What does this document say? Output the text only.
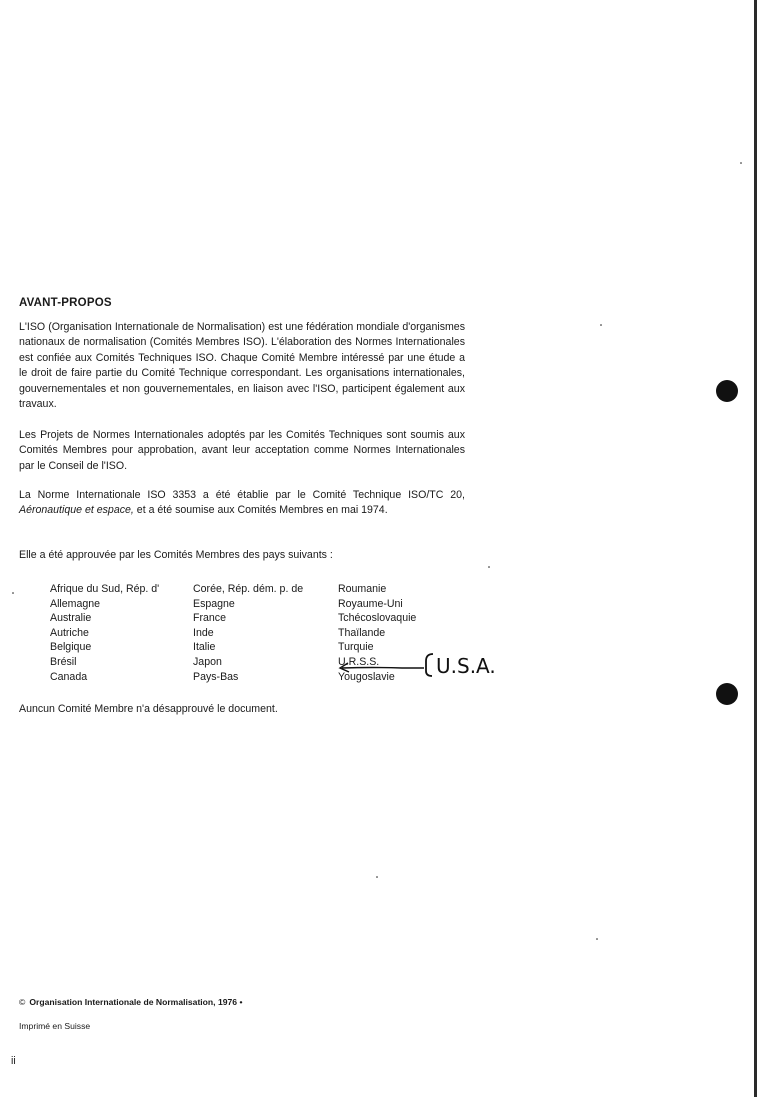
AVANT-PROPOS

L'ISO (Organisation Internationale de Normalisation) est une fédération mondiale d'organismes nationaux de normalisation (Comités Membres ISO). L'élaboration des Normes Internationales est confiée aux Comités Techniques ISO. Chaque Comité Membre intéressé par une étude a le droit de faire partie du Comité Technique correspondant. Les organisations internationales, gouvernementales et non gouvernementales, en liaison avec l'ISO, participent également aux travaux.

Les Projets de Normes Internationales adoptés par les Comités Techniques sont soumis aux Comités Membres pour approbation, avant leur acceptation comme Normes Internationales par le Conseil de l'ISO.

La Norme Internationale ISO 3353 a été établie par le Comité Technique ISO/TC 20, Aéronautique et espace, et a été soumise aux Comités Membres en mai 1974.

Elle a été approuvée par les Comités Membres des pays suivants :

Afrique du Sud, Rép. d'
Allemagne
Australie
Autriche
Belgique
Brésil
Canada
Corée, Rép. dém. p. de
Espagne
France
Inde
Italie
Japon
Pays-Bas
Roumanie
Royaume-Uni
Tchécoslovaquie
Thaïlande
Turquie
U.R.S.S.
Yougoslavie	U.S.A.
Auncun Comité Membre n'a désapprouvé le document.
© Organisation Internationale de Normalisation, 1976 •
Imprimé en Suisse
ii
